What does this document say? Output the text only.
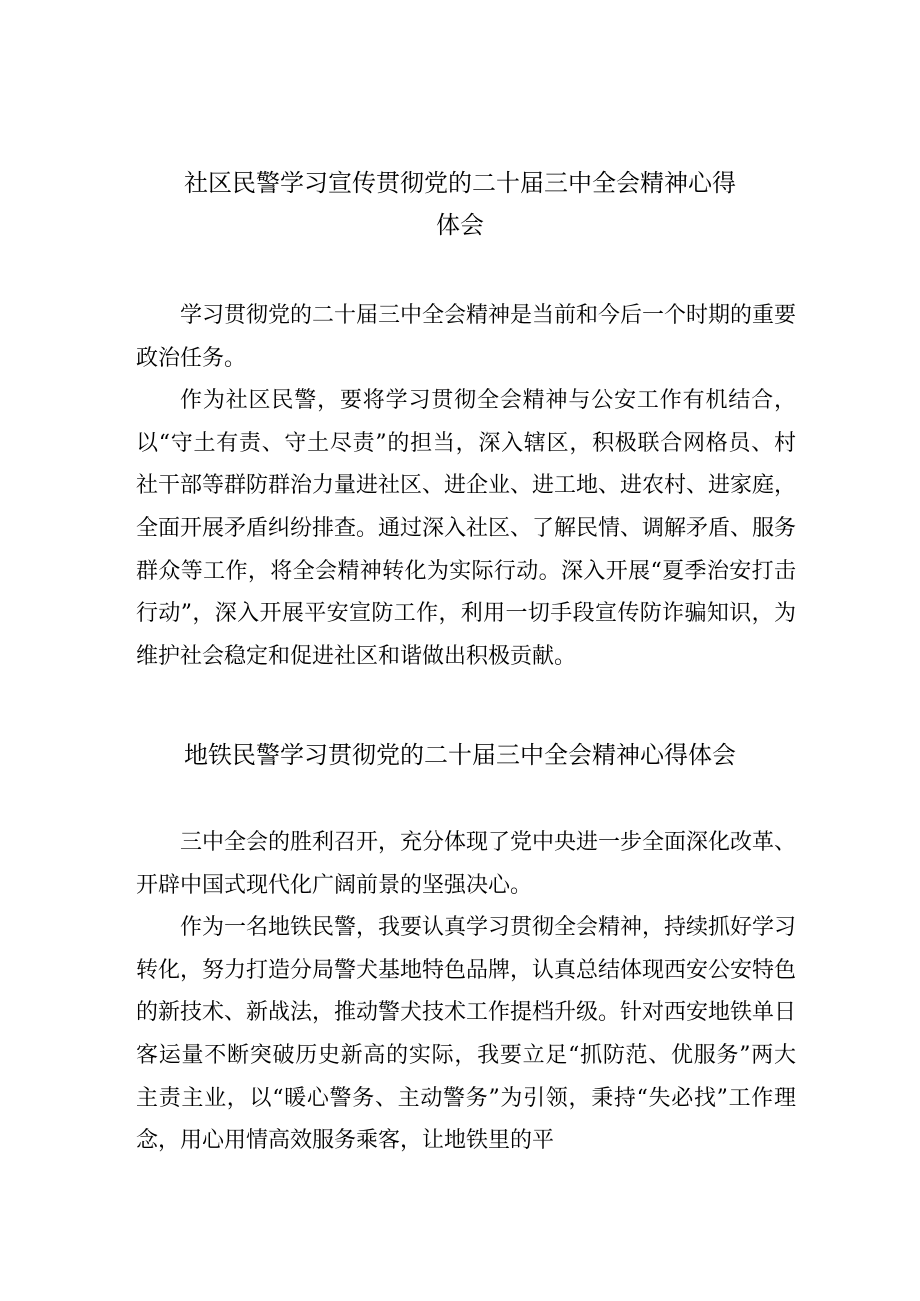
社区民警学习宣传贯彻党的二十届三中全会精神心得
体会

学习贯彻党的二十届三中全会精神是当前和今后一个时期的重要政治任务。

作为社区民警，要将学习贯彻全会精神与公安工作有机结合，以“守土有责、守土尽责”的担当，深入辖区，积极联合网格员、村社干部等群防群治力量进社区、进企业、进工地、进农村、进家庭，全面开展矛盾纠纷排查。通过深入社区、了解民情、调解矛盾、服务群众等工作，将全会精神转化为实际行动。深入开展“夏季治安打击行动”，深入开展平安宣防工作，利用一切手段宣传防诈骗知识，为维护社会稳定和促进社区和谐做出积极贡献。

地铁民警学习贯彻党的二十届三中全会精神心得体会

三中全会的胜利召开，充分体现了党中央进一步全面深化改革、开辟中国式现代化广阔前景的坚强决心。

作为一名地铁民警，我要认真学习贯彻全会精神，持续抓好学习转化，努力打造分局警犬基地特色品牌，认真总结体现西安公安特色的新技术、新战法，推动警犬技术工作提档升级。针对西安地铁单日客运量不断突破历史新高的实际，我要立足“抓防范、优服务”两大主责主业，以“暖心警务、主动警务”为引领，秉持“失必找”工作理念，用心用情高效服务乘客，让地铁里的平
